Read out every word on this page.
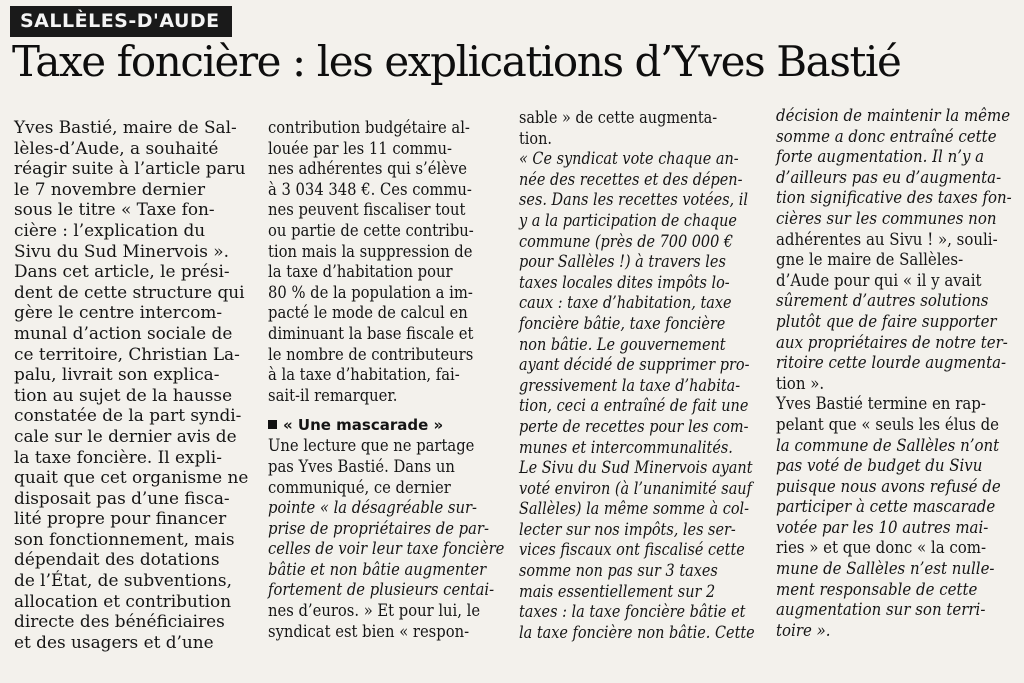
SALLÈLES-D'AUDE
Taxe foncière : les explications d’Yves Bastié
Yves Bastié, maire de Sal-
lèles-d’Aude, a souhaité
réagir suite à l’article paru
le 7 novembre dernier
sous le titre « Taxe fon-
cière : l’explication du
Sivu du Sud Minervois ».
Dans cet article, le prési-
dent de cette structure qui
gère le centre intercom-
munal d’action sociale de
ce territoire, Christian La-
palu, livrait son explica-
tion au sujet de la hausse
constatée de la part syndi-
cale sur le dernier avis de
la taxe foncière. Il expli-
quait que cet organisme ne
disposait pas d’une fisca-
lité propre pour financer
son fonctionnement, mais
dépendait des dotations
de l’État, de subventions,
allocation et contribution
directe des bénéficiaires
et des usagers et d’une
contribution budgétaire al-
louée par les 11 commu-
nes adhérentes qui s’élève
à 3 034 348 €. Ces commu-
nes peuvent fiscaliser tout
ou partie de cette contribu-
tion mais la suppression de
la taxe d’habitation pour
80 % de la population a im-
pacté le mode de calcul en
diminuant la base fiscale et
le nombre de contributeurs
à la taxe d’habitation, fai-
sait-il remarquer.
« Une mascarade »
Une lecture que ne partage
pas Yves Bastié. Dans un
communiqué, ce dernier
pointe « la désagréable sur-
prise de propriétaires de par-
celles de voir leur taxe foncière
bâtie et non bâtie augmenter
fortement de plusieurs centai-
nes d’euros. » Et pour lui, le
syndicat est bien « respon-
sable » de cette augmenta-
tion.
« Ce syndicat vote chaque an-
née des recettes et des dépen-
ses. Dans les recettes votées, il
y a la participation de chaque
commune (près de 700 000 €
pour Sallèles !) à travers les
taxes locales dites impôts lo-
caux : taxe d’habitation, taxe
foncière bâtie, taxe foncière
non bâtie. Le gouvernement
ayant décidé de supprimer pro-
gressivement la taxe d’habita-
tion, ceci a entraîné de fait une
perte de recettes pour les com-
munes et intercommunalités.
Le Sivu du Sud Minervois ayant
voté environ (à l’unanimité sauf
Sallèles) la même somme à col-
lecter sur nos impôts, les ser-
vices fiscaux ont fiscalisé cette
somme non pas sur 3 taxes
mais essentiellement sur 2
taxes : la taxe foncière bâtie et
la taxe foncière non bâtie. Cette
décision de maintenir la même
somme a donc entraîné cette
forte augmentation. Il n’y a
d’ailleurs pas eu d’augmenta-
tion significative des taxes fon-
cières sur les communes non
adhérentes au Sivu ! », souli-
gne le maire de Sallèles-
d’Aude pour qui « il y avait
sûrement d’autres solutions
plutôt que de faire supporter
aux propriétaires de notre ter-
ritoire cette lourde augmenta-
tion ».
Yves Bastié termine en rap-
pelant que « seuls les élus de
la commune de Sallèles n’ont
pas voté de budget du Sivu
puisque nous avons refusé de
participer à cette mascarade
votée par les 10 autres mai-
ries » et que donc « la com-
mune de Sallèles n’est nulle-
ment responsable de cette
augmentation sur son terri-
toire ».
